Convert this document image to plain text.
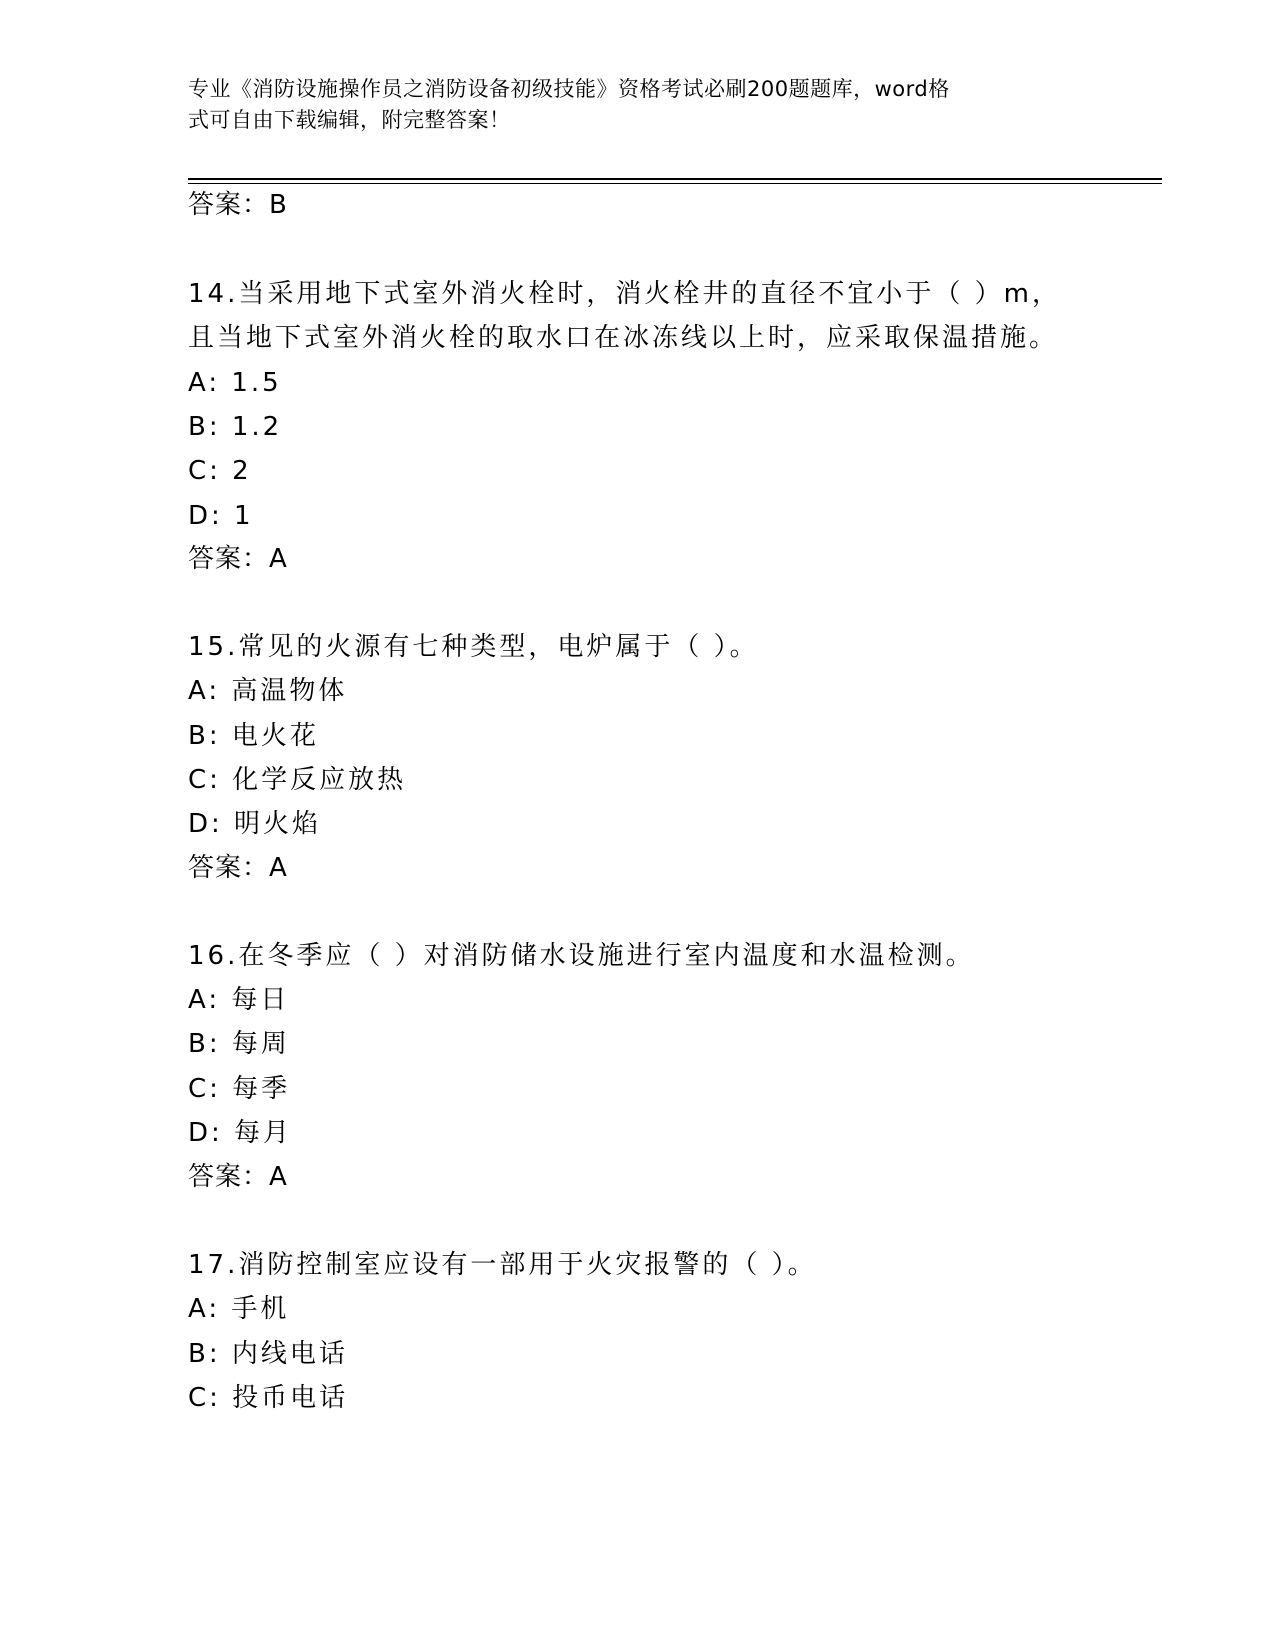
专业《消防设施操作员之消防设备初级技能》资格考试必刷200题题库，word格
式可自由下载编辑，附完整答案！
答案：B
14.当采用地下式室外消火栓时，消火栓井的直径不宜小于（ ）m，
且当地下式室外消火栓的取水口在冰冻线以上时，应采取保温措施。
A: 1.5
B: 1.2
C: 2
D: 1
答案：A
15.常见的火源有七种类型，电炉属于（ ）。
A: 高温物体
B: 电火花
C: 化学反应放热
D: 明火焰
答案：A
16.在冬季应（ ）对消防储水设施进行室内温度和水温检测。
A: 每日
B: 每周
C: 每季
D: 每月
答案：A
17.消防控制室应设有一部用于火灾报警的（ ）。
A: 手机
B: 内线电话
C: 投币电话
